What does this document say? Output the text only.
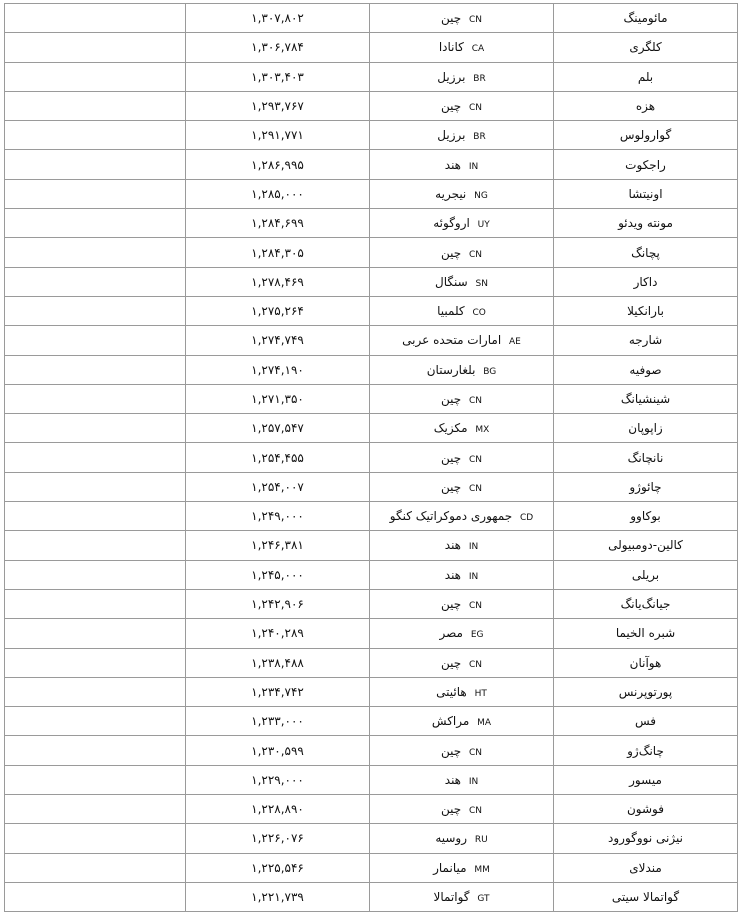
مائومینگ	CN چین	۱,۳۰۷,۸۰۲	
کلگری	CA کانادا	۱,۳۰۶,۷۸۴	
بلم	BR برزیل	۱,۳۰۳,۴۰۳	
هزه	CN چین	۱,۲۹۳,۷۶۷	
گوارولوس	BR برزیل	۱,۲۹۱,۷۷۱	
راجکوت	IN هند	۱,۲۸۶,۹۹۵	
اونیتشا	NG نیجریه	۱,۲۸۵,۰۰۰	
مونته ویدئو	UY اروگوئه	۱,۲۸۴,۶۹۹	
پچانگ	CN چین	۱,۲۸۴,۳۰۵	
داکار	SN سنگال	۱,۲۷۸,۴۶۹	
بارانکیلا	CO کلمبیا	۱,۲۷۵,۲۶۴	
شارجه	AE امارات متحده عربی	۱,۲۷۴,۷۴۹	
صوفیه	BG بلغارستان	۱,۲۷۴,۱۹۰	
شینشیانگ	CN چین	۱,۲۷۱,۳۵۰	
زاپوپان	MX مکزیک	۱,۲۵۷,۵۴۷	
نانچانگ	CN چین	۱,۲۵۴,۴۵۵	
چائوژو	CN چین	۱,۲۵۴,۰۰۷	
بوکاوو	CD جمهوری دموکراتیک کنگو	۱,۲۴۹,۰۰۰	
کالین-دومبیولی	IN هند	۱,۲۴۶,۳۸۱	
بریلی	IN هند	۱,۲۴۵,۰۰۰	
جیانگ‌یانگ	CN چین	۱,۲۴۲,۹۰۶	
شبره الخیما	EG مصر	۱,۲۴۰,۲۸۹	
هوآنان	CN چین	۱,۲۳۸,۴۸۸	
پورتوپرنس	HT هائیتی	۱,۲۳۴,۷۴۲	
فس	MA مراکش	۱,۲۳۳,۰۰۰	
چانگ‌ژو	CN چین	۱,۲۳۰,۵۹۹	
میسور	IN هند	۱,۲۲۹,۰۰۰	
فوشون	CN چین	۱,۲۲۸,۸۹۰	
نیژنی نووگورود	RU روسیه	۱,۲۲۶,۰۷۶	
مندلای	MM میانمار	۱,۲۲۵,۵۴۶	
گواتمالا سیتی	GT گواتمالا	۱,۲۲۱,۷۳۹	
